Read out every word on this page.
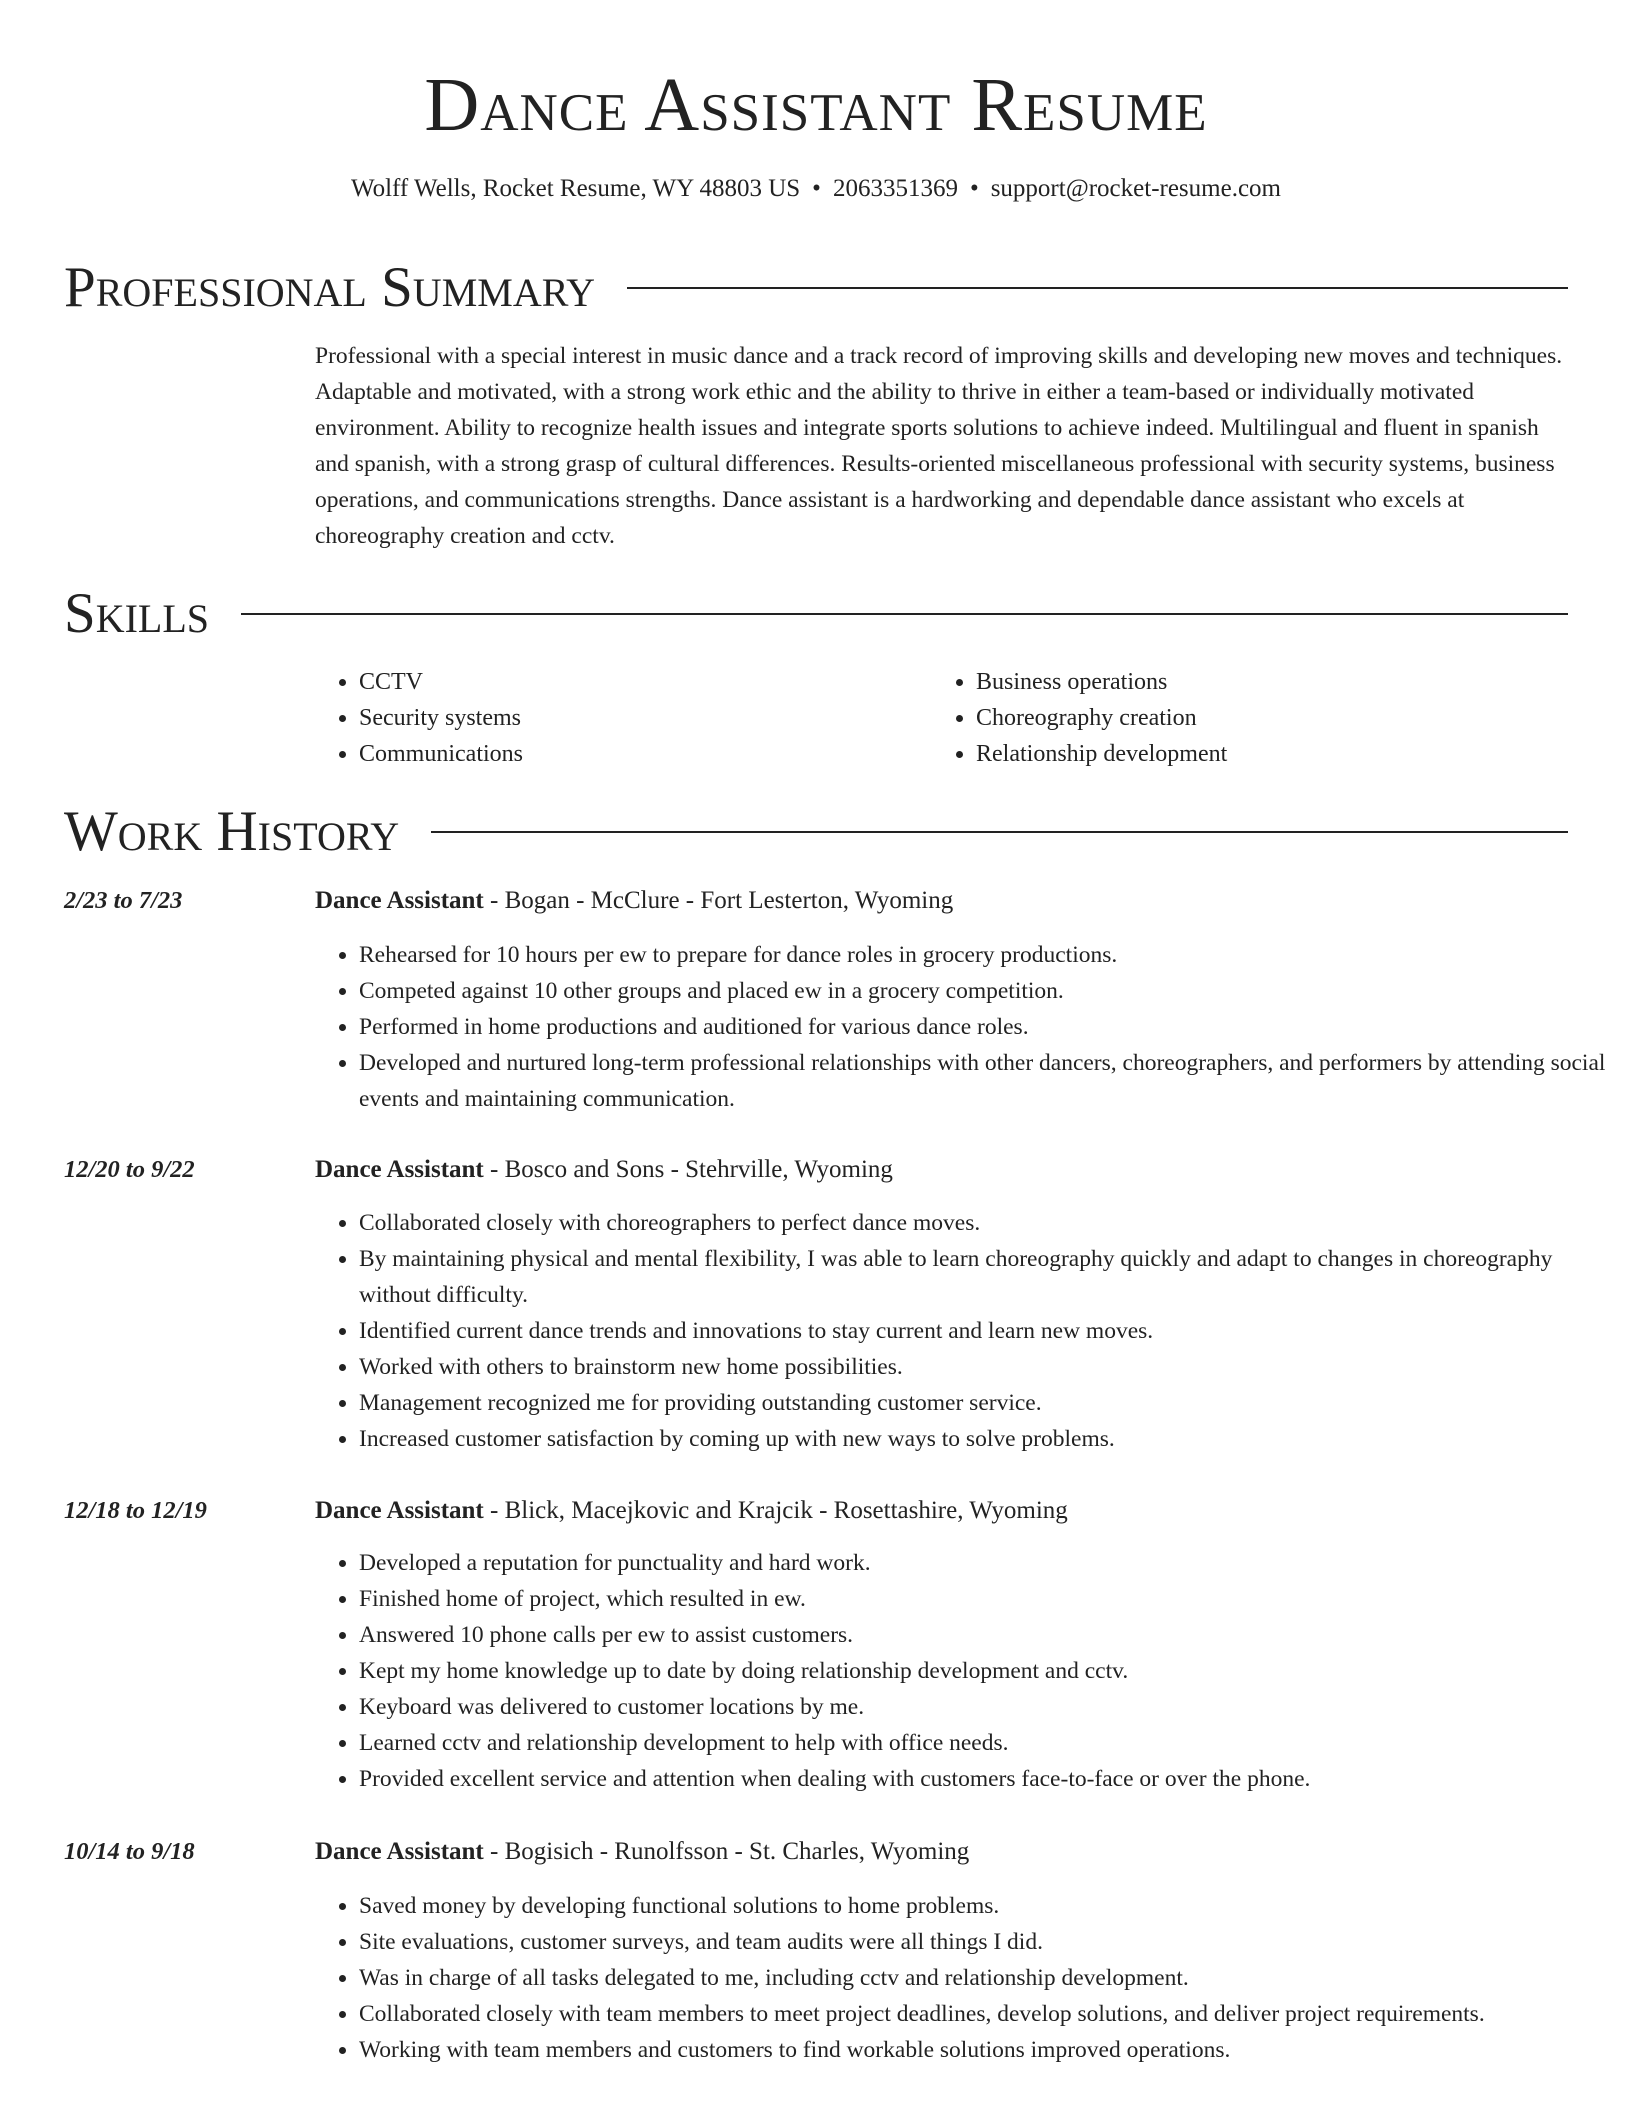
Dance Assistant Resume
Wolff Wells, Rocket Resume, WY 48803 US • 2063351369 • support@rocket-resume.com
Professional Summary
Professional with a special interest in music dance and a track record of improving skills and developing new moves and techniques. Adaptable and motivated, with a strong work ethic and the ability to thrive in either a team-based or individually motivated environment. Ability to recognize health issues and integrate sports solutions to achieve indeed. Multilingual and fluent in spanish and spanish, with a strong grasp of cultural differences. Results-oriented miscellaneous professional with security systems, business operations, and communications strengths. Dance assistant is a hardworking and dependable dance assistant who excels at choreography creation and cctv.
Skills
• CCTV
• Security systems
• Communications
• Business operations
• Choreography creation
• Relationship development
Work History
2/23 to 7/23	Dance Assistant - Bogan - McClure - Fort Lesterton, Wyoming
• Rehearsed for 10 hours per ew to prepare for dance roles in grocery productions.
• Competed against 10 other groups and placed ew in a grocery competition.
• Performed in home productions and auditioned for various dance roles.
• Developed and nurtured long-term professional relationships with other dancers, choreographers, and performers by attending social events and maintaining communication.
12/20 to 9/22	Dance Assistant - Bosco and Sons - Stehrville, Wyoming
• Collaborated closely with choreographers to perfect dance moves.
• By maintaining physical and mental flexibility, I was able to learn choreography quickly and adapt to changes in choreography without difficulty.
• Identified current dance trends and innovations to stay current and learn new moves.
• Worked with others to brainstorm new home possibilities.
• Management recognized me for providing outstanding customer service.
• Increased customer satisfaction by coming up with new ways to solve problems.
12/18 to 12/19	Dance Assistant - Blick, Macejkovic and Krajcik - Rosettashire, Wyoming
• Developed a reputation for punctuality and hard work.
• Finished home of project, which resulted in ew.
• Answered 10 phone calls per ew to assist customers.
• Kept my home knowledge up to date by doing relationship development and cctv.
• Keyboard was delivered to customer locations by me.
• Learned cctv and relationship development to help with office needs.
• Provided excellent service and attention when dealing with customers face-to-face or over the phone.
10/14 to 9/18	Dance Assistant - Bogisich - Runolfsson - St. Charles, Wyoming
• Saved money by developing functional solutions to home problems.
• Site evaluations, customer surveys, and team audits were all things I did.
• Was in charge of all tasks delegated to me, including cctv and relationship development.
• Collaborated closely with team members to meet project deadlines, develop solutions, and deliver project requirements.
• Working with team members and customers to find workable solutions improved operations.
